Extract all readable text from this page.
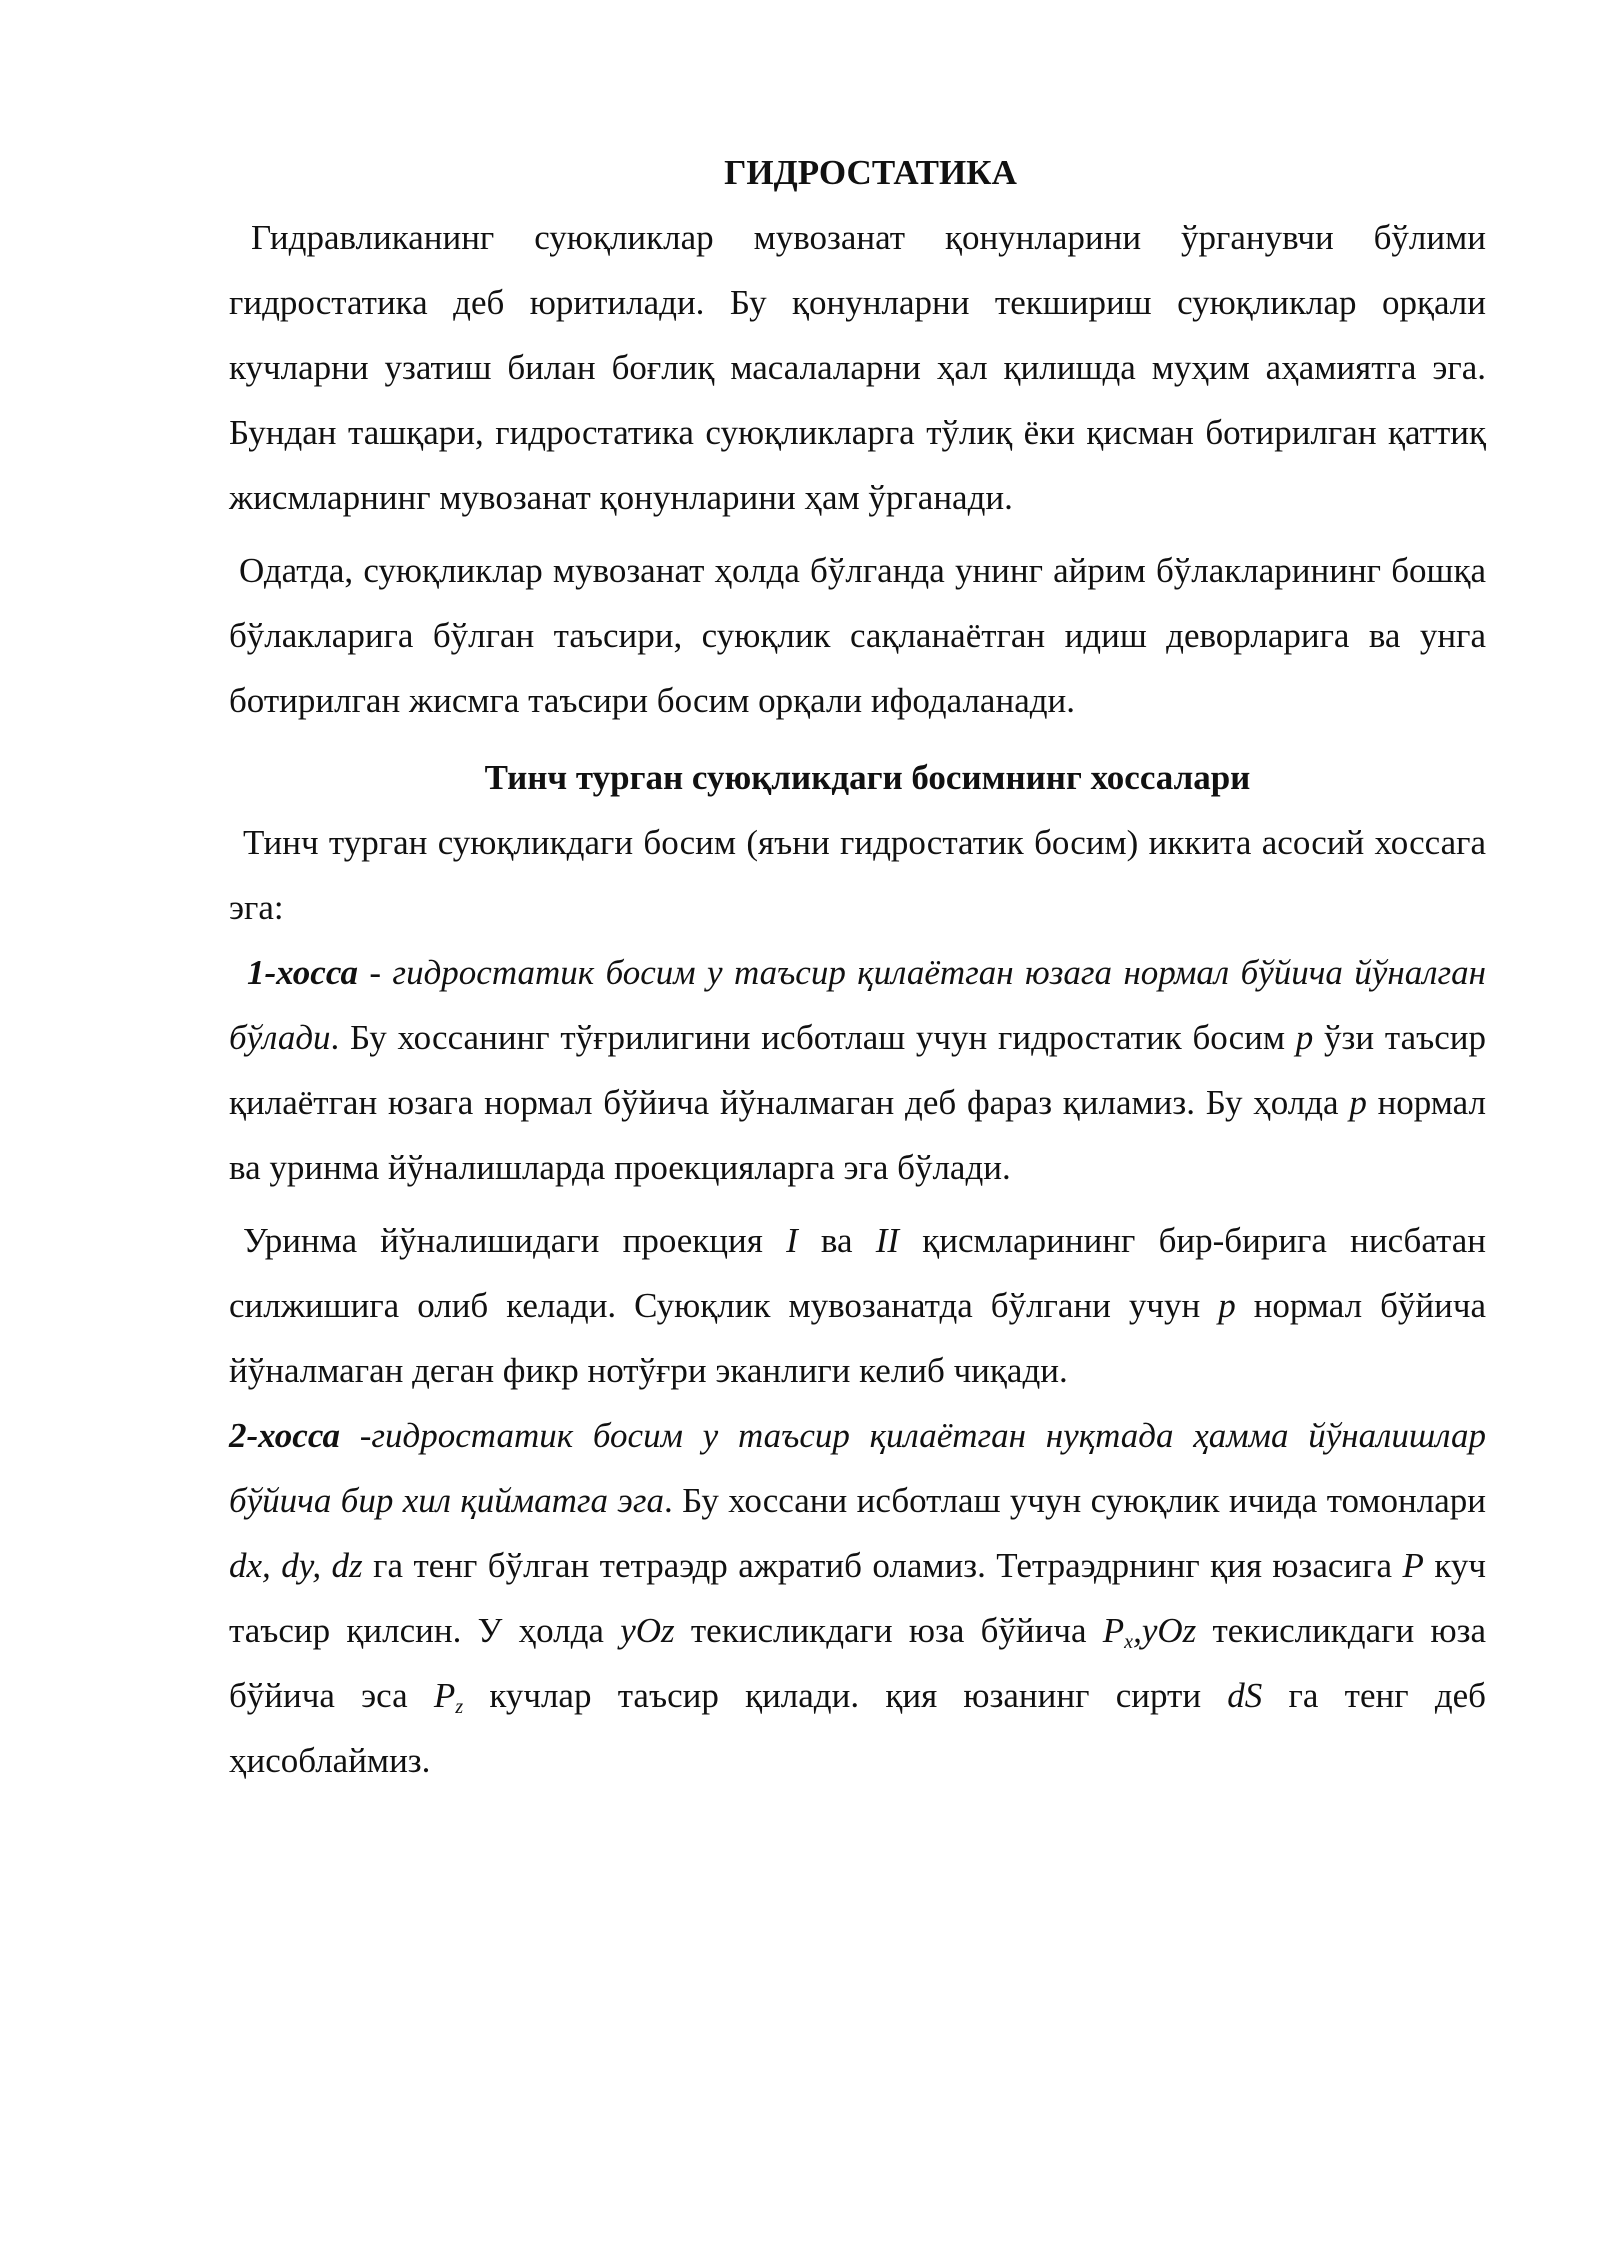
ГИДРОСТАТИКА

Гидравликанинг суюқликлар мувозанат қонунларини ўрганувчи бўлими гидростатика деб юритилади. Бу қонунларни текшириш суюқликлар орқали кучларни узатиш билан боғлиқ масалаларни ҳал қилишда муҳим аҳамиятга эга. Бундан ташқари, гидростатика суюқликларга тўлиқ ёки қисман ботирилган қаттиқ жисмларнинг мувозанат қонунларини ҳам ўрганади.

Одатда, суюқликлар мувозанат ҳолда бўлганда унинг айрим бўлакларининг бошқа бўлакларига бўлган таъсири, суюқлик сақланаётган идиш деворларига ва унга ботирилган жисмга таъсири босим орқали ифодаланади.

Тинч турган суюқликдаги босимнинг хоссалари

Тинч турган суюқликдаги босим (яъни гидростатик босим) иккита асосий хоссага эга:

1-хосса - гидростатик босим у таъсир қилаётган юзага нормал бўйича йўналган бўлади. Бу хоссанинг тўғрилигини исботлаш учун гидростатик босим p ўзи таъсир қилаётган юзага нормал бўйича йўналмаган деб фараз қиламиз. Бу ҳолда p нормал ва уринма йўналишларда проекцияларга эга бўлади.

Уринма йўналишидаги проекция I ва II қисмларининг бир-бирига нисбатан силжишига олиб келади. Суюқлик мувозанатда бўлгани учун p нормал бўйича йўналмаган деган фикр нотўғри эканлиги келиб чиқади.

2-хосса -гидростатик босим у таъсир қилаётган нуқтада ҳамма йўналишлар бўйича бир хил қийматга эга. Бу хоссани исботлаш учун суюқлик ичида томонлари dx, dy, dz га тенг бўлган тетраэдр ажратиб оламиз. Тетраэдрнинг қия юзасига P куч таъсир қилсин. У ҳолда yOz текисликдаги юза бўйича $P_x,yOz$ текисликдаги юза бўйича эса $P_z$ кучлар таъсир қилади. қия юзанинг сирти dS га тенг деб ҳисоблаймиз.
